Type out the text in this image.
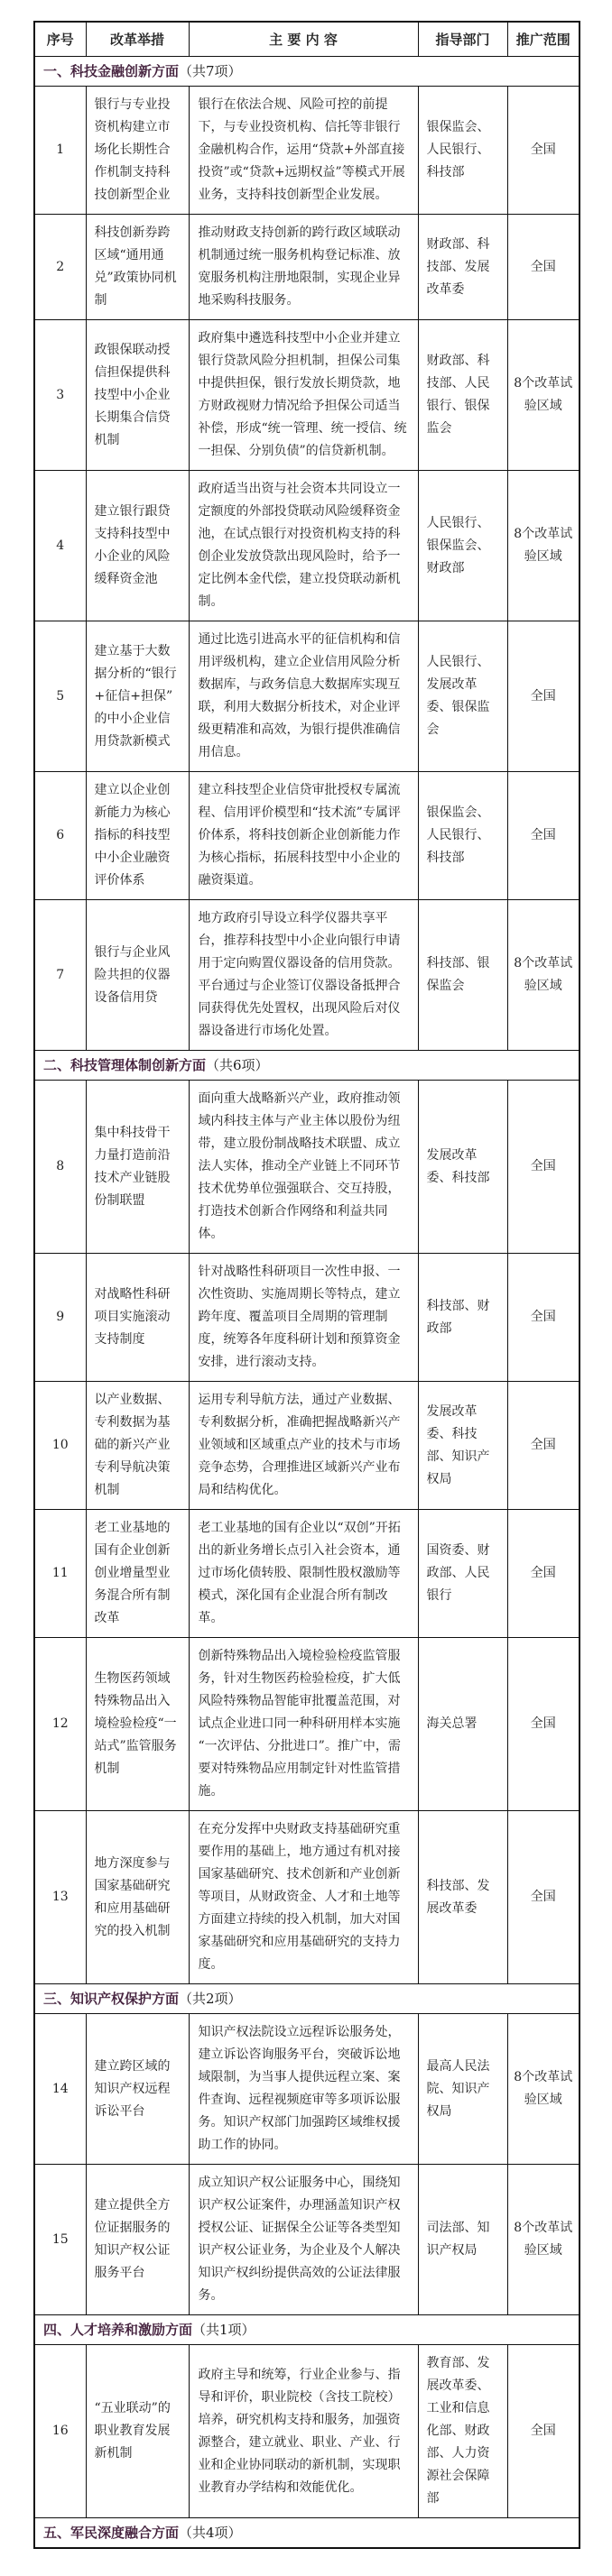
序号	改革举措	主 要 内 容	指导部门	推广范围
一、科技金融创新方面（共7项）				
1	银行与专业投资机构建立市场化长期性合作机制支持科技创新型企业	银行在依法合规、风险可控的前提下，与专业投资机构、信托等非银行金融机构合作，运用“贷款+外部直接投资”或“贷款+远期权益”等模式开展业务，支持科技创新型企业发展。	银保监会、人民银行、科技部	全国
2	科技创新券跨区域“通用通兑”政策协同机制	推动财政支持创新的跨行政区域联动机制通过统一服务机构登记标准、放宽服务机构注册地限制，实现企业异地采购科技服务。	财政部、科技部、发展改革委	全国
3	政银保联动授信担保提供科技型中小企业长期集合信贷机制	政府集中遴选科技型中小企业并建立银行贷款风险分担机制，担保公司集中提供担保，银行发放长期贷款，地方财政视财力情况给予担保公司适当补偿，形成“统一管理、统一授信、统一担保、分别负债”的信贷新机制。	财政部、科技部、人民银行、银保监会	8个改革试验区域
4	建立银行跟贷支持科技型中小企业的风险缓释资金池	政府适当出资与社会资本共同设立一定额度的外部投贷联动风险缓释资金池，在试点银行对投资机构支持的科创企业发放贷款出现风险时，给予一定比例本金代偿，建立投贷联动新机制。	人民银行、银保监会、财政部	8个改革试验区域
5	建立基于大数据分析的“银行+征信+担保”的中小企业信用贷款新模式	通过比选引进高水平的征信机构和信用评级机构，建立企业信用风险分析数据库，与政务信息大数据库实现互联，利用大数据分析技术，对企业评级更精准和高效，为银行提供准确信用信息。	人民银行、发展改革委、银保监会	全国
6	建立以企业创新能力为核心指标的科技型中小企业融资评价体系	建立科技型企业信贷审批授权专属流程、信用评价模型和“技术流”专属评价体系，将科技创新企业创新能力作为核心指标，拓展科技型中小企业的融资渠道。	银保监会、人民银行、科技部	全国
7	银行与企业风险共担的仪器设备信用贷	地方政府引导设立科学仪器共享平台，推荐科技型中小企业向银行申请用于定向购置仪器设备的信用贷款。平台通过与企业签订仪器设备抵押合同获得优先处置权，出现风险后对仪器设备进行市场化处置。	科技部、银保监会	8个改革试验区域
二、科技管理体制创新方面（共6项）				
8	集中科技骨干力量打造前沿技术产业链股份制联盟	面向重大战略新兴产业，政府推动领域内科技主体与产业主体以股份为纽带，建立股份制战略技术联盟、成立法人实体，推动全产业链上不同环节技术优势单位强强联合、交互持股，打造技术创新合作网络和利益共同体。	发展改革委、科技部	全国
9	对战略性科研项目实施滚动支持制度	针对战略性科研项目一次性申报、一次性资助、实施周期长等特点，建立跨年度、覆盖项目全周期的管理制度，统筹各年度科研计划和预算资金安排，进行滚动支持。	科技部、财政部	全国
10	以产业数据、专利数据为基础的新兴产业专利导航决策机制	运用专利导航方法，通过产业数据、专利数据分析，准确把握战略新兴产业领域和区域重点产业的技术与市场竞争态势，合理推进区域新兴产业布局和结构优化。	发展改革委、科技部、知识产权局	全国
11	老工业基地的国有企业创新创业增量型业务混合所有制改革	老工业基地的国有企业以“双创”开拓出的新业务增长点引入社会资本，通过市场化债转股、限制性股权激励等模式，深化国有企业混合所有制改革。	国资委、财政部、人民银行	全国
12	生物医药领域特殊物品出入境检验检疫“一站式”监管服务机制	创新特殊物品出入境检验检疫监管服务，针对生物医药检验检疫，扩大低风险特殊物品智能审批覆盖范围，对试点企业进口同一种科研用样本实施“一次评估、分批进口”。推广中，需要对特殊物品应用制定针对性监管措施。	海关总署	全国
13	地方深度参与国家基础研究和应用基础研究的投入机制	在充分发挥中央财政支持基础研究重要作用的基础上，地方通过有机对接国家基础研究、技术创新和产业创新等项目，从财政资金、人才和土地等方面建立持续的投入机制，加大对国家基础研究和应用基础研究的支持力度。	科技部、发展改革委	全国
三、知识产权保护方面（共2项）				
14	建立跨区域的知识产权远程诉讼平台	知识产权法院设立远程诉讼服务处，建立诉讼咨询服务平台，突破诉讼地域限制，为当事人提供远程立案、案件查询、远程视频庭审等多项诉讼服务。知识产权部门加强跨区域维权援助工作的协同。	最高人民法院、知识产权局	8个改革试验区域
15	建立提供全方位证据服务的知识产权公证服务平台	成立知识产权公证服务中心，围绕知识产权公证案件，办理涵盖知识产权授权公证、证据保全公证等各类型知识产权公证业务，为企业及个人解决知识产权纠纷提供高效的公证法律服务。	司法部、知识产权局	8个改革试验区域
四、人才培养和激励方面（共1项）				
16	“五业联动”的职业教育发展新机制	政府主导和统筹，行业企业参与、指导和评价，职业院校（含技工院校）培养，研究机构支持和服务，加强资源整合，建立就业、职业、产业、行业和企业协同联动的新机制，实现职业教育办学结构和效能优化。	教育部、发展改革委、工业和信息化部、财政部、人力资源社会保障部	全国
五、军民深度融合方面（共4项）				
